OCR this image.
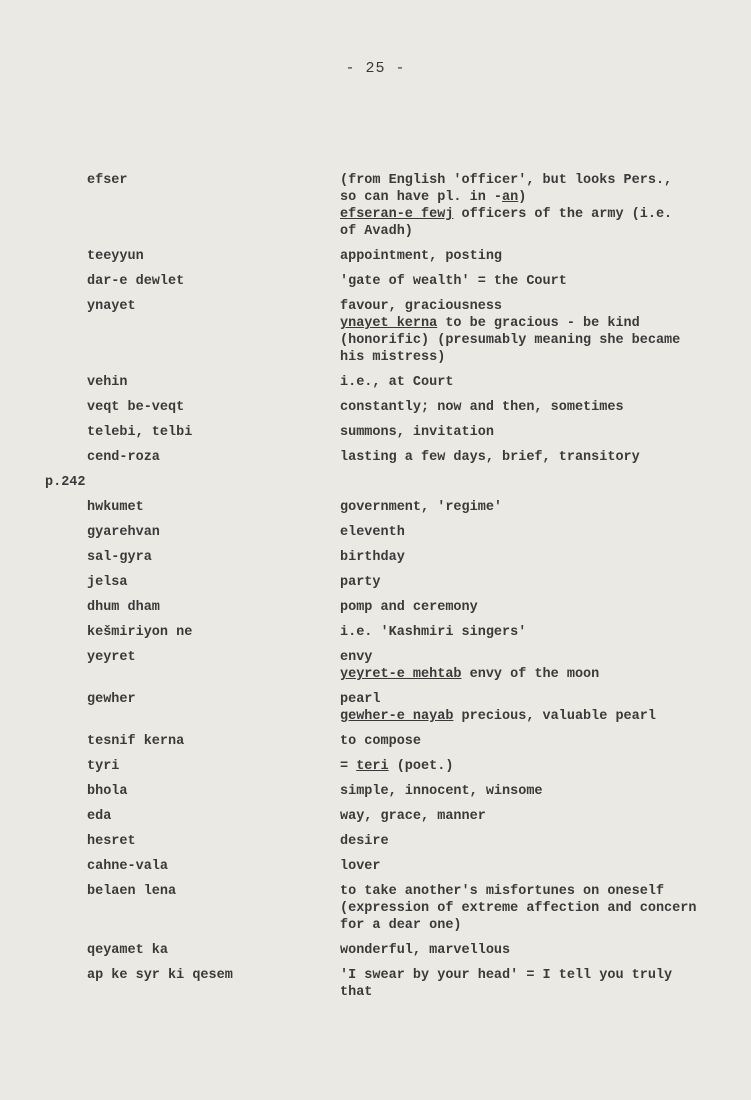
- 25 -
efser	(from English 'officer', but looks Pers.,
so can have pl. in -an)
efseran-e fewj officers of the army (i.e.
of Avadh)
teeyyun	appointment, posting
dar-e dewlet	'gate of wealth' = the Court
ynayet	favour, graciousness
ynayet kerna to be gracious - be kind
(honorific) (presumably meaning she became
his mistress)
vehin	i.e., at Court
veqt be-veqt	constantly; now and then, sometimes
telebi, telbi	summons, invitation
cend-roza	lasting a few days, brief, transitory
p.242
hwkumet	government, 'regime'
gyarehvan	eleventh
sal-gyra	birthday
jelsa	party
dhum dham	pomp and ceremony
kešmiriyon ne	i.e. 'Kashmiri singers'
yeyret	envy
yeyret-e mehtab envy of the moon
gewher	pearl
gewher-e nayab precious, valuable pearl
tesnif kerna	to compose
tyri	= teri (poet.)
bhola	simple, innocent, winsome
eda	way, grace, manner
hesret	desire
cahne-vala	lover
belaen lena	to take another's misfortunes on oneself
(expression of extreme affection and concern
for a dear one)
qeyamet ka	wonderful, marvellous
ap ke syr ki qesem	'I swear by your head' = I tell you truly
that
